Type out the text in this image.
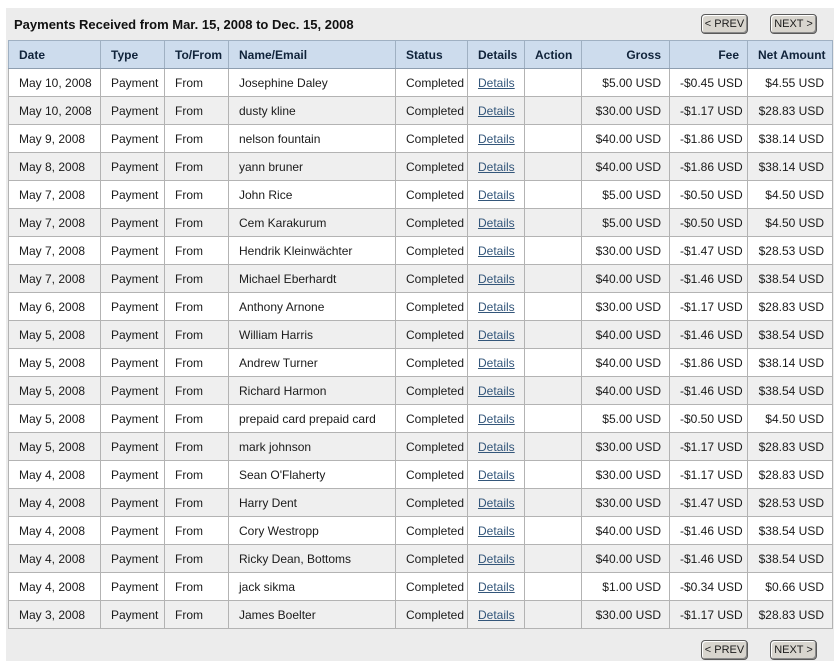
Payments Received from Mar. 15, 2008 to Dec. 15, 2008	< PREV	NEXT >
Date	Type	To/From	Name/Email	Status	Details	Action	Gross	Fee	Net Amount
May 10, 2008	Payment	From	Josephine Daley	Completed	Details		$5.00 USD	-$0.45 USD	$4.55 USD
May 10, 2008	Payment	From	dusty kline	Completed	Details		$30.00 USD	-$1.17 USD	$28.83 USD
May 9, 2008	Payment	From	nelson fountain	Completed	Details		$40.00 USD	-$1.86 USD	$38.14 USD
May 8, 2008	Payment	From	yann bruner	Completed	Details		$40.00 USD	-$1.86 USD	$38.14 USD
May 7, 2008	Payment	From	John Rice	Completed	Details		$5.00 USD	-$0.50 USD	$4.50 USD
May 7, 2008	Payment	From	Cem Karakurum	Completed	Details		$5.00 USD	-$0.50 USD	$4.50 USD
May 7, 2008	Payment	From	Hendrik Kleinwächter	Completed	Details		$30.00 USD	-$1.47 USD	$28.53 USD
May 7, 2008	Payment	From	Michael Eberhardt	Completed	Details		$40.00 USD	-$1.46 USD	$38.54 USD
May 6, 2008	Payment	From	Anthony Arnone	Completed	Details		$30.00 USD	-$1.17 USD	$28.83 USD
May 5, 2008	Payment	From	William Harris	Completed	Details		$40.00 USD	-$1.46 USD	$38.54 USD
May 5, 2008	Payment	From	Andrew Turner	Completed	Details		$40.00 USD	-$1.86 USD	$38.14 USD
May 5, 2008	Payment	From	Richard Harmon	Completed	Details		$40.00 USD	-$1.46 USD	$38.54 USD
May 5, 2008	Payment	From	prepaid card prepaid card	Completed	Details		$5.00 USD	-$0.50 USD	$4.50 USD
May 5, 2008	Payment	From	mark johnson	Completed	Details		$30.00 USD	-$1.17 USD	$28.83 USD
May 4, 2008	Payment	From	Sean O'Flaherty	Completed	Details		$30.00 USD	-$1.17 USD	$28.83 USD
May 4, 2008	Payment	From	Harry Dent	Completed	Details		$30.00 USD	-$1.47 USD	$28.53 USD
May 4, 2008	Payment	From	Cory Westropp	Completed	Details		$40.00 USD	-$1.46 USD	$38.54 USD
May 4, 2008	Payment	From	Ricky Dean, Bottoms	Completed	Details		$40.00 USD	-$1.46 USD	$38.54 USD
May 4, 2008	Payment	From	jack sikma	Completed	Details		$1.00 USD	-$0.34 USD	$0.66 USD
May 3, 2008	Payment	From	James Boelter	Completed	Details		$30.00 USD	-$1.17 USD	$28.83 USD
< PREV	NEXT >
